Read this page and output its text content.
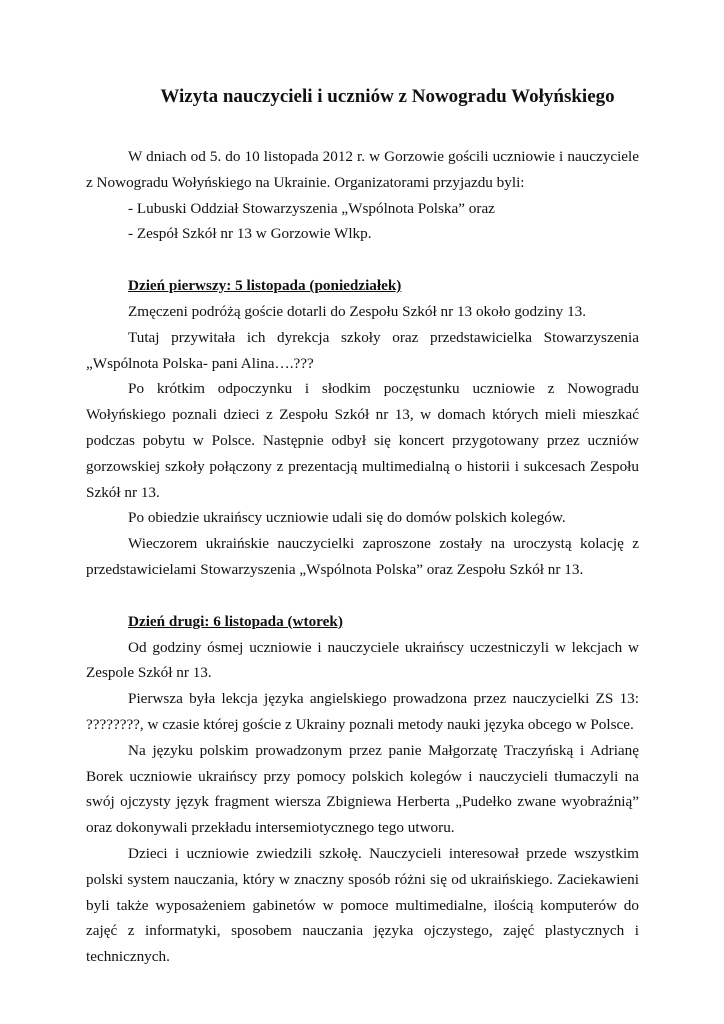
Wizyta nauczycieli i uczniów z Nowogradu Wołyńskiego

W dniach od 5. do 10 listopada 2012 r. w Gorzowie gościli uczniowie i nauczyciele z Nowogradu Wołyńskiego na Ukrainie. Organizatorami przyjazdu byli:

- Lubuski Oddział Stowarzyszenia „Wspólnota Polska” oraz

- Zespół Szkół nr 13 w Gorzowie Wlkp.

Dzień pierwszy: 5 listopada (poniedziałek)

Zmęczeni podróżą goście dotarli do Zespołu Szkół nr 13 około godziny 13.

Tutaj przywitała ich dyrekcja szkoły oraz przedstawicielka Stowarzyszenia „Wspólnota Polska- pani Alina….???

Po krótkim odpoczynku i słodkim poczęstunku uczniowie z Nowogradu Wołyńskiego poznali dzieci z Zespołu Szkół nr 13, w domach których mieli mieszkać podczas pobytu w Polsce. Następnie odbył się koncert przygotowany przez uczniów gorzowskiej szkoły połączony z prezentacją multimedialną o historii i sukcesach Zespołu Szkół nr 13.

Po obiedzie ukraińscy uczniowie udali się do domów polskich kolegów.

Wieczorem ukraińskie nauczycielki zaproszone zostały na uroczystą kolację z przedstawicielami Stowarzyszenia „Wspólnota Polska” oraz Zespołu Szkół nr 13.

Dzień drugi: 6 listopada (wtorek)

Od godziny ósmej uczniowie i nauczyciele ukraińscy uczestniczyli w lekcjach w Zespole Szkół nr 13.

Pierwsza była lekcja języka angielskiego prowadzona przez nauczycielki ZS 13: ????????, w czasie której goście z Ukrainy poznali metody nauki języka obcego w Polsce.

Na języku polskim prowadzonym przez panie Małgorzatę Traczyńską i Adrianę Borek uczniowie ukraińscy przy pomocy polskich kolegów i nauczycieli tłumaczyli na swój ojczysty język fragment wiersza Zbigniewa Herberta „Pudełko zwane wyobraźnią” oraz dokonywali przekładu intersemiotycznego tego utworu.

Dzieci i uczniowie zwiedzili szkołę. Nauczycieli interesował przede wszystkim polski system nauczania, który w znaczny sposób różni się od ukraińskiego. Zaciekawieni byli także wyposażeniem gabinetów w pomoce multimedialne, ilością komputerów do zajęć z informatyki, sposobem nauczania języka ojczystego, zajęć plastycznych i technicznych.
